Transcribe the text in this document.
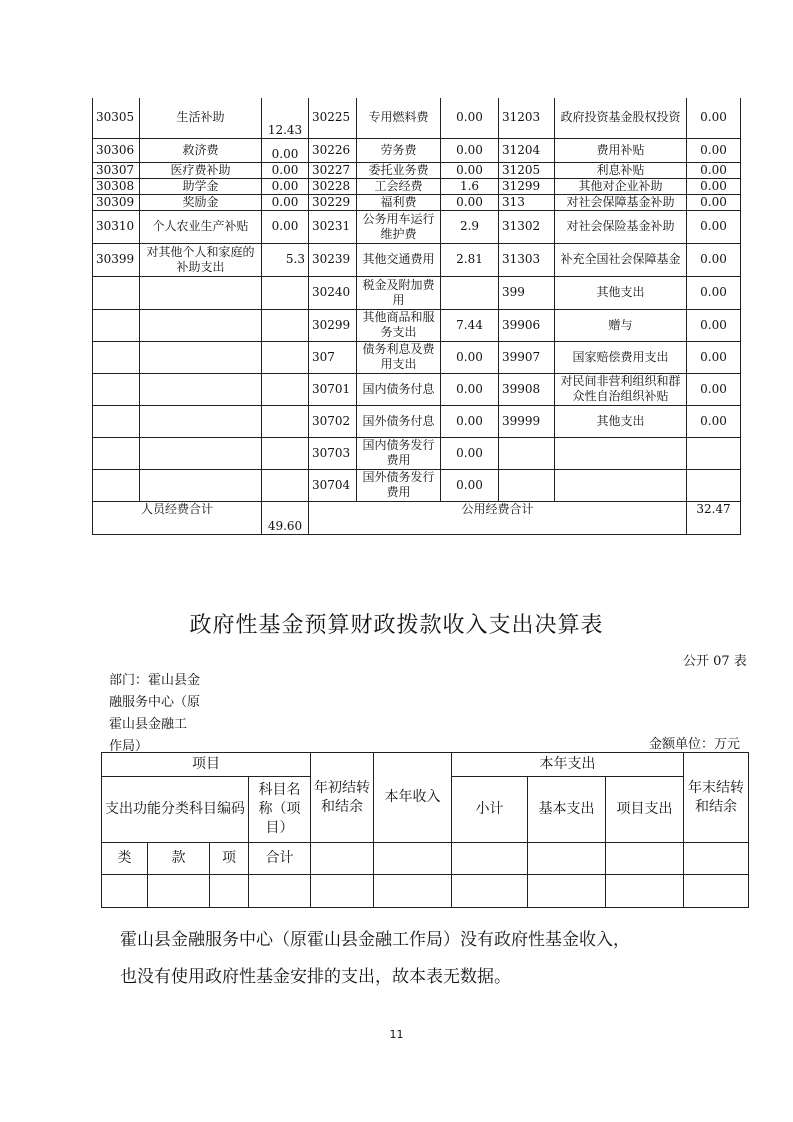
30305	生活补助	12.43	30225	专用燃料费	0.00	31203	政府投资基金股权投资	0.00
30306	救济费	0.00	30226	劳务费	0.00	31204	费用补贴	0.00
30307	医疗费补助	0.00	30227	委托业务费	0.00	31205	利息补贴	0.00
30308	助学金	0.00	30228	工会经费	1.6	31299	其他对企业补助	0.00
30309	奖励金	0.00	30229	福利费	0.00	313	对社会保障基金补助	0.00
30310	个人农业生产补贴	0.00	30231	公务用车运行维护费	2.9	31302	对社会保险基金补助	0.00
30399	对其他个人和家庭的补助支出	5.3	30239	其他交通费用	2.81	31303	补充全国社会保障基金	0.00
			30240	税金及附加费用		399	其他支出	0.00
			30299	其他商品和服务支出	7.44	39906	赠与	0.00
			307	债务利息及费用支出	0.00	39907	国家赔偿费用支出	0.00
			30701	国内债务付息	0.00	39908	对民间非营利组织和群众性自治组织补贴	0.00
			30702	国外债务付息	0.00	39999	其他支出	0.00
			30703	国内债务发行费用	0.00			
			30704	国外债务发行费用	0.00			
人员经费合计		49.60	公用经费合计					32.47
政府性基金预算财政拨款收入支出决算表
公开 07 表
部门：霍山县金
融服务中心（原
霍山县金融工
作局）	金额单位：万元
项目				年初结转和结余	本年收入	本年支出			年末结转和结余
支出功能分类科目编码			科目名称（项目）			小计	基本支出	项目支出	
类	款	项	合计						

霍山县金融服务中心（原霍山县金融工作局）没有政府性基金收入，
也没有使用政府性基金安排的支出，故本表无数据。
11
